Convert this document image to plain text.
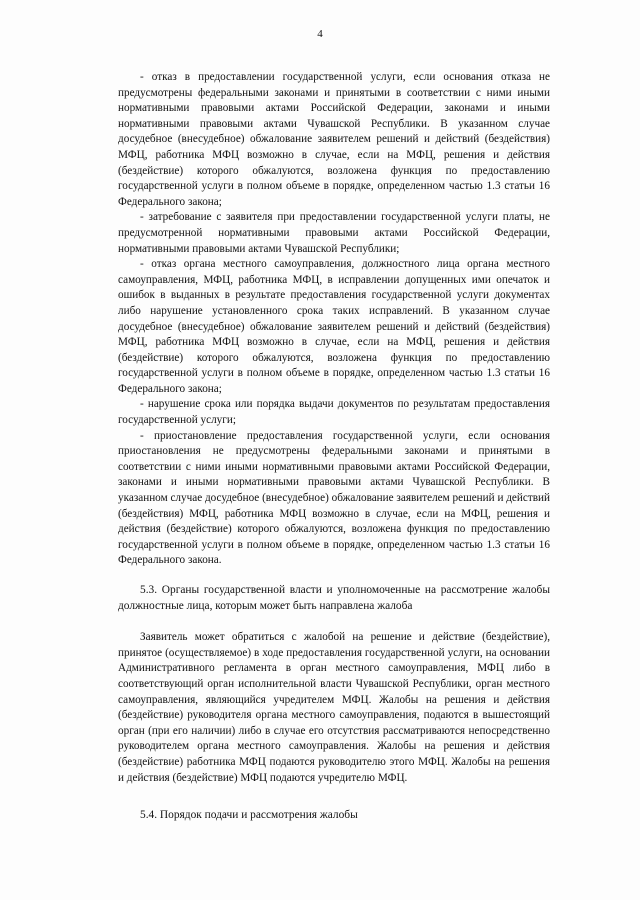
4

- отказ в предоставлении государственной услуги, если основания отказа не предусмотрены федеральными законами и принятыми в соответствии с ними иными нормативными правовыми актами Российской Федерации, законами и иными нормативными правовыми актами Чувашской Республики. В указанном случае досудебное (внесудебное) обжалование заявителем решений и действий (бездействия) МФЦ, работника МФЦ возможно в случае, если на МФЦ, решения и действия (бездействие) которого обжалуются, возложена функция по предоставлению государственной услуги в полном объеме в порядке, определенном частью 1.3 статьи 16 Федерального закона;

- затребование с заявителя при предоставлении государственной услуги платы, не предусмотренной нормативными правовыми актами Российской Федерации, нормативными правовыми актами Чувашской Республики;

- отказ органа местного самоуправления, должностного лица органа местного самоуправления, МФЦ, работника МФЦ, в исправлении допущенных ими опечаток и ошибок в выданных в результате предоставления государственной услуги документах либо нарушение установленного срока таких исправлений. В указанном случае досудебное (внесудебное) обжалование заявителем решений и действий (бездействия) МФЦ, работника МФЦ возможно в случае, если на МФЦ, решения и действия (бездействие) которого обжалуются, возложена функция по предоставлению государственной услуги в полном объеме в порядке, определенном частью 1.3 статьи 16 Федерального закона;

- нарушение срока или порядка выдачи документов по результатам предоставления государственной услуги;

- приостановление предоставления государственной услуги, если основания приостановления не предусмотрены федеральными законами и принятыми в соответствии с ними иными нормативными правовыми актами Российской Федерации, законами и иными нормативными правовыми актами Чувашской Республики. В указанном случае досудебное (внесудебное) обжалование заявителем решений и действий (бездействия) МФЦ, работника МФЦ возможно в случае, если на МФЦ, решения и действия (бездействие) которого обжалуются, возложена функция по предоставлению государственной услуги в полном объеме в порядке, определенном частью 1.3 статьи 16 Федерального закона.

5.3. Органы государственной власти и уполномоченные на рассмотрение жалобы должностные лица, которым может быть направлена жалоба

Заявитель может обратиться с жалобой на решение и действие (бездействие), принятое (осуществляемое) в ходе предоставления государственной услуги, на основании Административного регламента в орган местного самоуправления, МФЦ либо в соответствующий орган исполнительной власти Чувашской Республики, орган местного самоуправления, являющийся учредителем МФЦ. Жалобы на решения и действия (бездействие) руководителя органа местного самоуправления, подаются в вышестоящий орган (при его наличии) либо в случае его отсутствия рассматриваются непосредственно руководителем органа местного самоуправления. Жалобы на решения и действия (бездействие) работника МФЦ подаются руководителю этого МФЦ. Жалобы на решения и действия (бездействие) МФЦ подаются учредителю МФЦ.

5.4. Порядок подачи и рассмотрения жалобы
